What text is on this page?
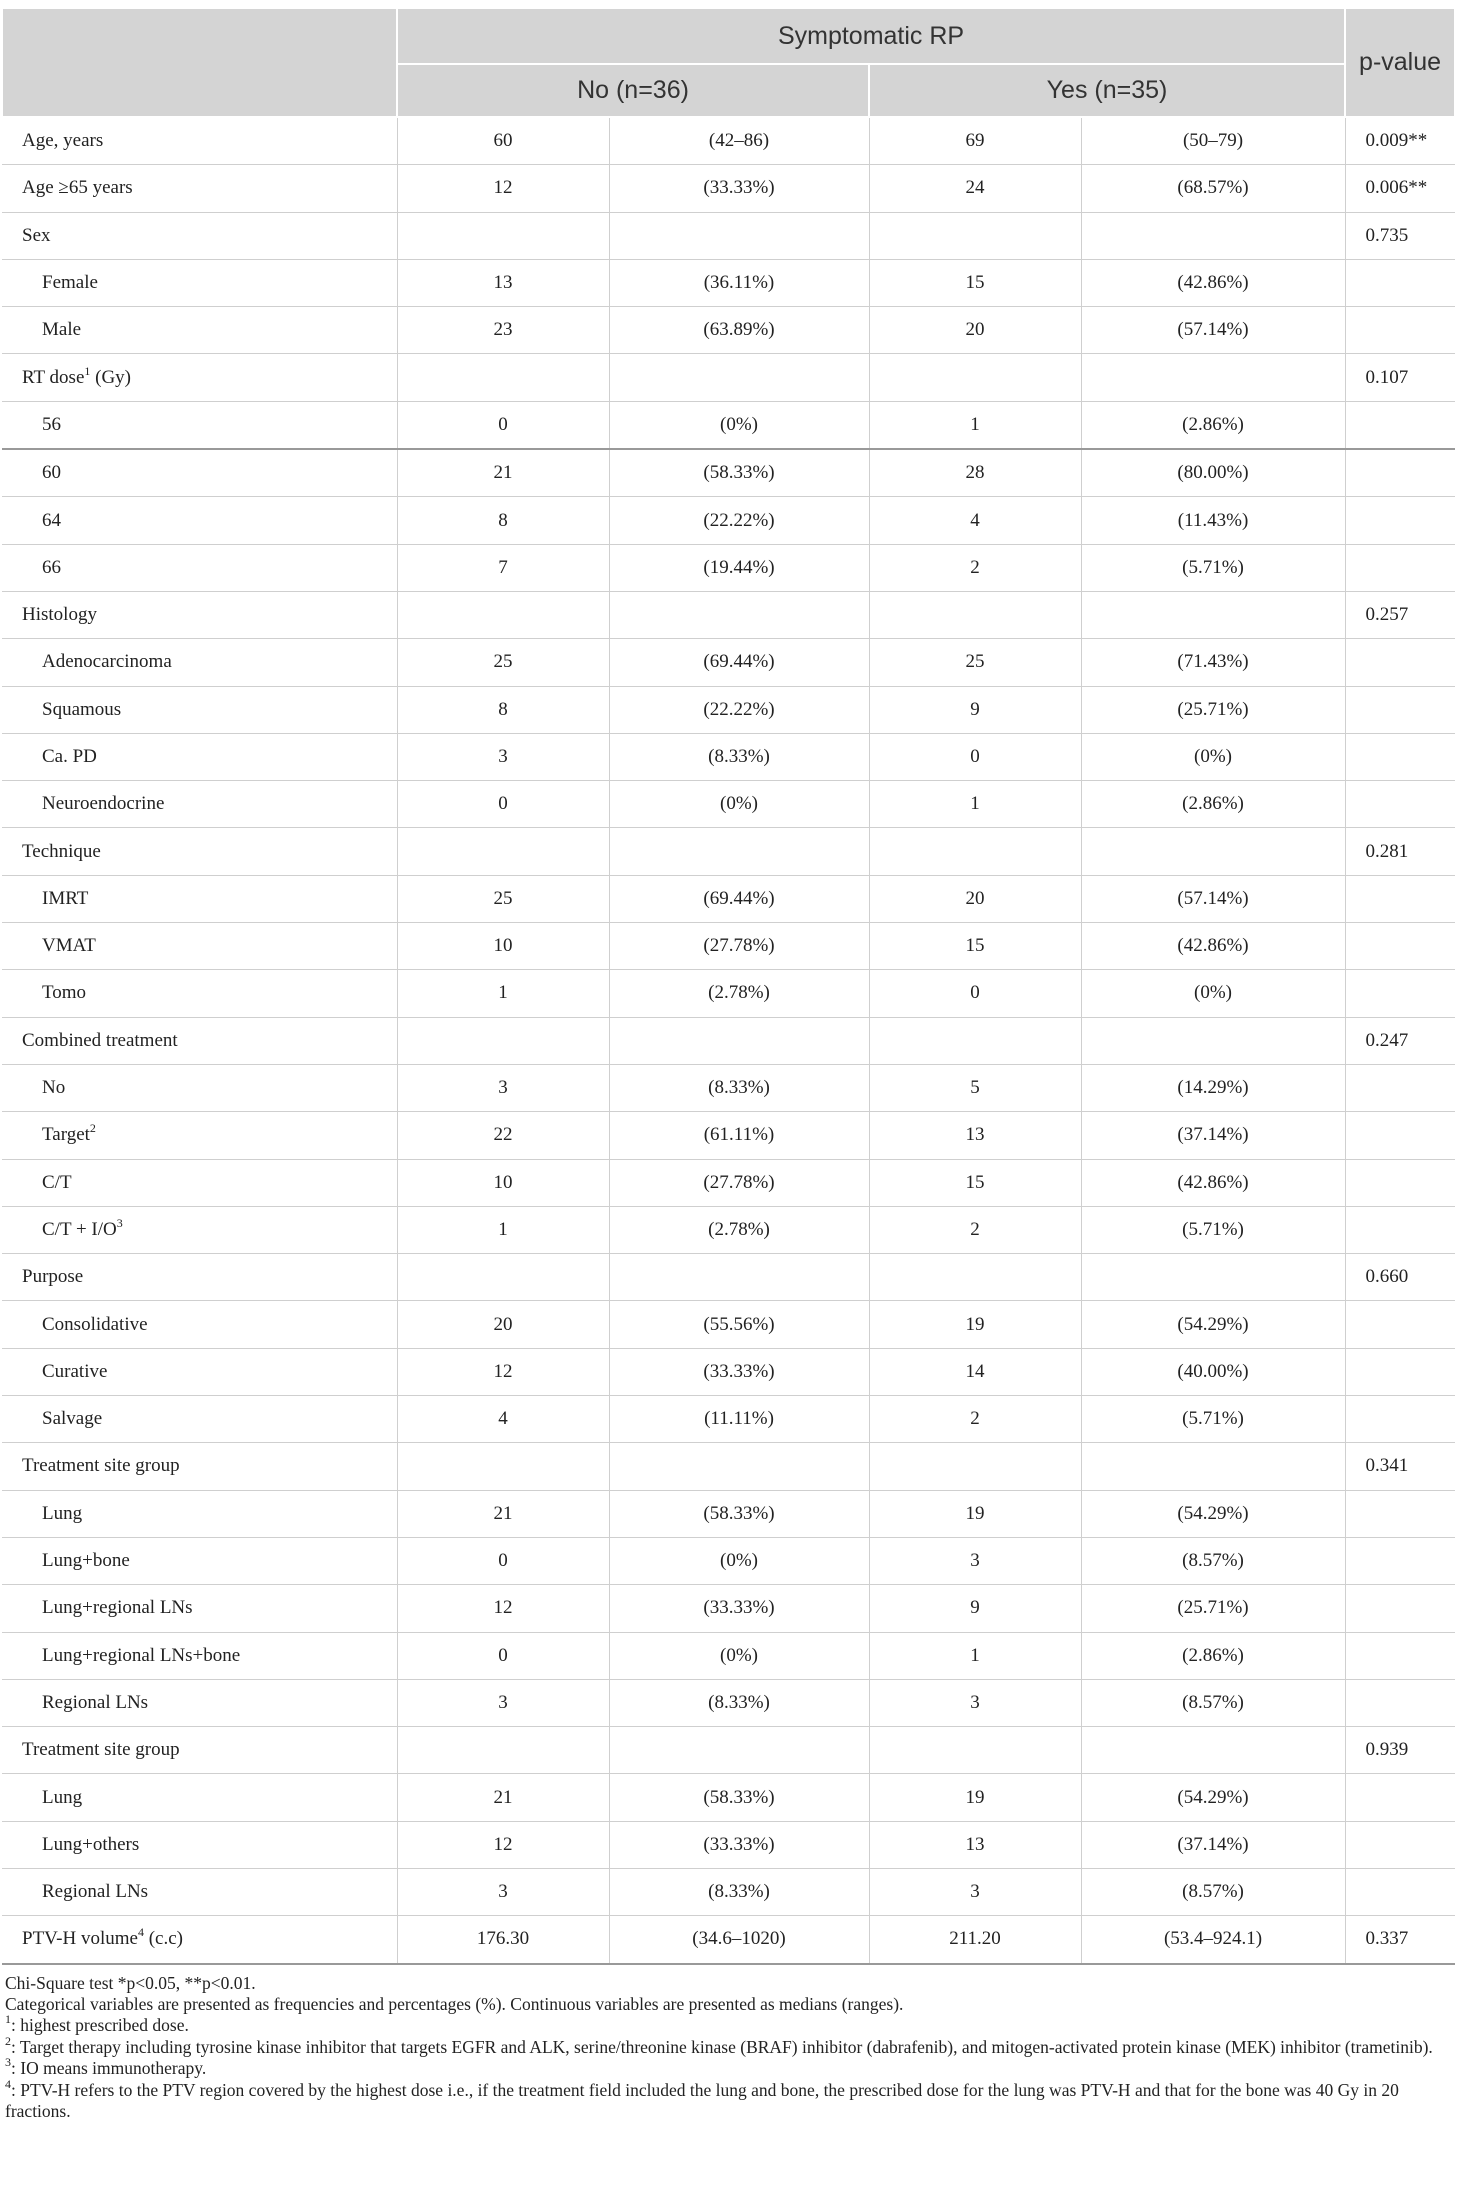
	Symptomatic RP				p-value
	No (n=36)		Yes (n=35)		
Age, years	60	(42–86)	69	(50–79)	0.009**
Age ≥65 years	12	(33.33%)	24	(68.57%)	0.006**
Sex					0.735
Female	13	(36.11%)	15	(42.86%)	
Male	23	(63.89%)	20	(57.14%)	
RT dose$^1$ (Gy)					0.107
56	0	(0%)	1	(2.86%)	
60	21	(58.33%)	28	(80.00%)	
64	8	(22.22%)	4	(11.43%)	
66	7	(19.44%)	2	(5.71%)	
Histology					0.257
Adenocarcinoma	25	(69.44%)	25	(71.43%)	
Squamous	8	(22.22%)	9	(25.71%)	
Ca. PD	3	(8.33%)	0	(0%)	
Neuroendocrine	0	(0%)	1	(2.86%)	
Technique					0.281
IMRT	25	(69.44%)	20	(57.14%)	
VMAT	10	(27.78%)	15	(42.86%)	
Tomo	1	(2.78%)	0	(0%)	
Combined treatment					0.247
No	3	(8.33%)	5	(14.29%)	
Target$^2$	22	(61.11%)	13	(37.14%)	
C/T	10	(27.78%)	15	(42.86%)	
$C/T + I/O^3$	1	(2.78%)	2	(5.71%)	
Purpose					0.660
Consolidative	20	(55.56%)	19	(54.29%)	
Curative	12	(33.33%)	14	(40.00%)	
Salvage	4	(11.11%)	2	(5.71%)	
Treatment site group					0.341
Lung	21	(58.33%)	19	(54.29%)	
Lung+bone	0	(0%)	3	(8.57%)	
Lung+regional LNs	12	(33.33%)	9	(25.71%)	
Lung+regional LNs+bone	0	(0%)	1	(2.86%)	
Regional LNs	3	(8.33%)	3	(8.57%)	
Treatment site group					0.939
Lung	21	(58.33%)	19	(54.29%)	
Lung+others	12	(33.33%)	13	(37.14%)	
Regional LNs	3	(8.33%)	3	(8.57%)	
PTV-H volume$^4$ (c.c)	176.30	(34.6–1020)	211.20	(53.4–924.1)	0.337

Chi-Square test *p<0.05, **p<0.01.

Categorical variables are presented as frequencies and percentages (%). Continuous variables are presented as medians (ranges).

$^1$: highest prescribed dose.

$^2$: Target therapy including tyrosine kinase inhibitor that targets EGFR and ALK, serine/threonine kinase (BRAF) inhibitor (dabrafenib), and mitogen-activated protein kinase (MEK) inhibitor (trametinib).

$^3$: IO means immunotherapy.

$^4$: PTV-H refers to the PTV region covered by the highest dose i.e., if the treatment field included the lung and bone, the prescribed dose for the lung was PTV-H and that for the bone was 40 Gy in 20 fractions.
